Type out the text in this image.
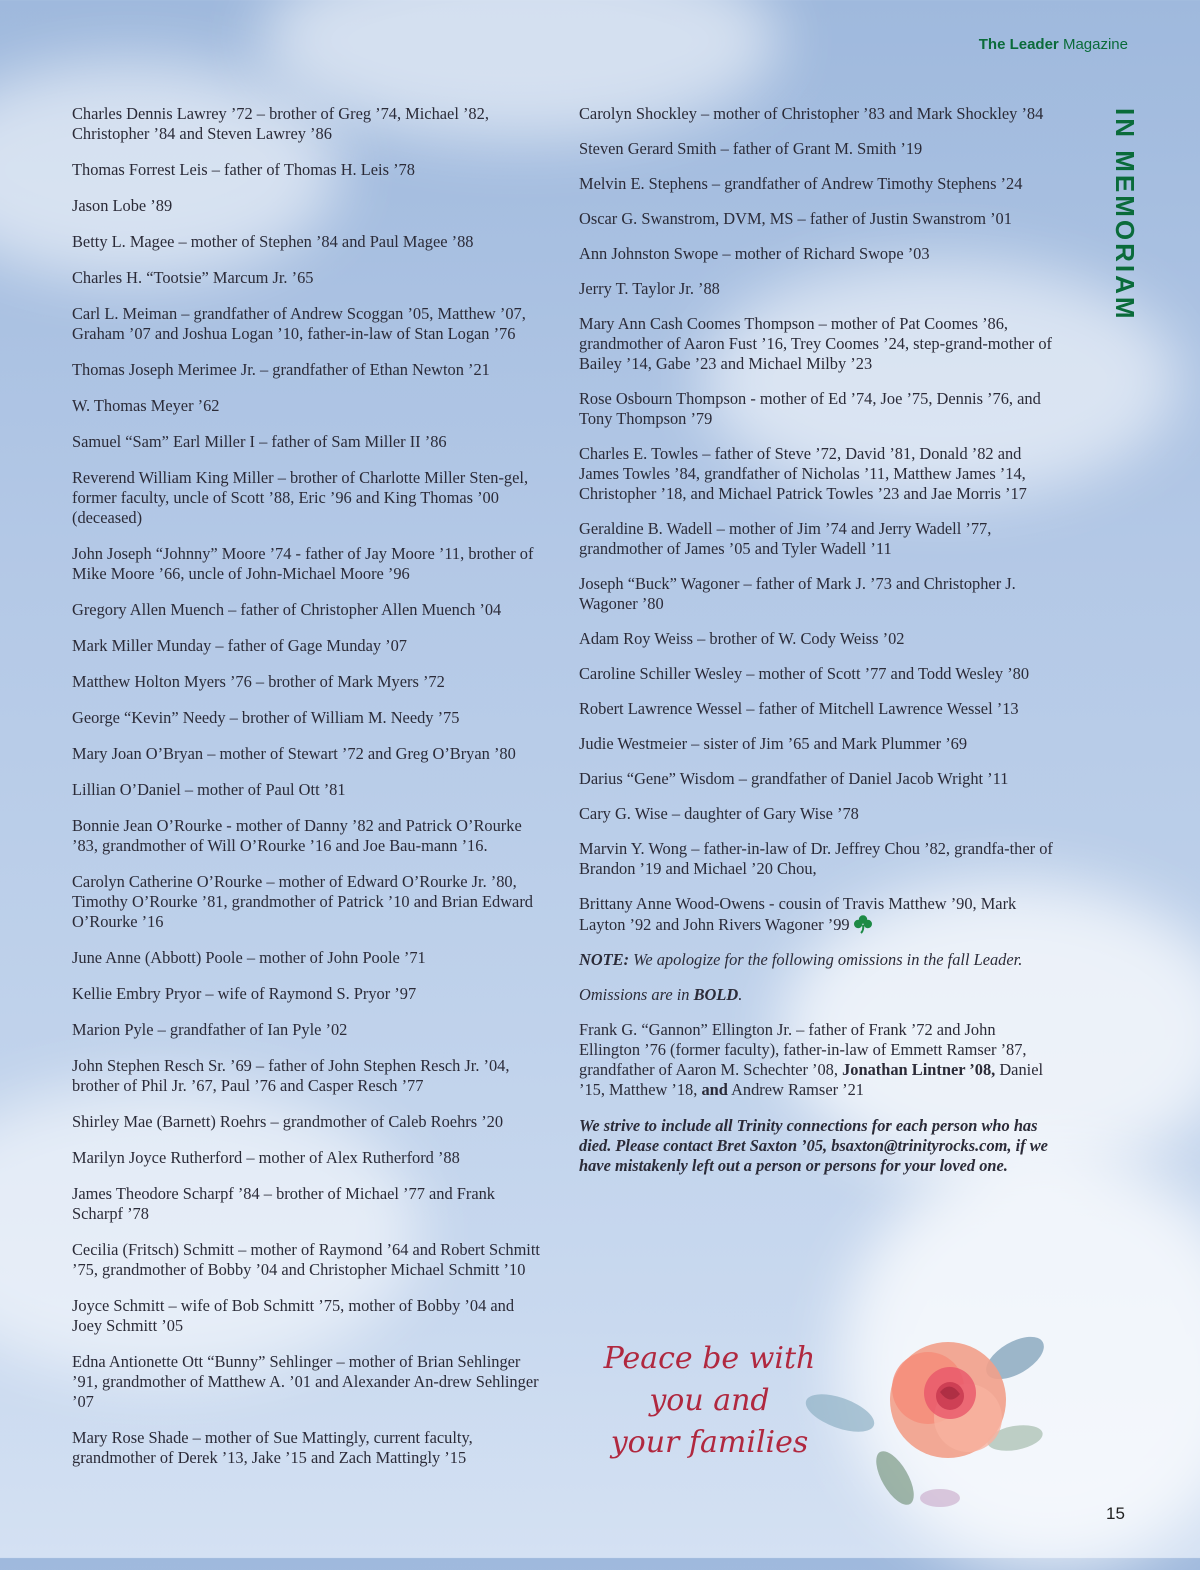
The Leader Magazine
IN MEMORIAM

Charles Dennis Lawrey ’72 – brother of Greg ’74, Michael ’82, Christopher ’84 and Steven Lawrey ’86

Thomas Forrest Leis – father of Thomas H. Leis ’78

Jason Lobe ’89

Betty L. Magee – mother of Stephen ’84 and Paul Magee ’88

Charles H. “Tootsie” Marcum Jr. ’65

Carl L. Meiman – grandfather of Andrew Scoggan ’05, Matthew ’07, Graham ’07 and Joshua Logan ’10, father-in-law of Stan Logan ’76

Thomas Joseph Merimee Jr. – grandfather of Ethan Newton ’21

W. Thomas Meyer ’62

Samuel “Sam” Earl Miller I – father of Sam Miller II ’86

Reverend William King Miller – brother of Charlotte Miller Sten-gel, former faculty, uncle of Scott ’88, Eric ’96 and King Thomas ’00 (deceased)

John Joseph “Johnny” Moore ’74 - father of Jay Moore ’11, brother of Mike Moore ’66, uncle of John-Michael Moore ’96

Gregory Allen Muench – father of Christopher Allen Muench ’04

Mark Miller Munday – father of Gage Munday ’07

Matthew Holton Myers ’76 – brother of Mark Myers ’72

George “Kevin” Needy – brother of William M. Needy ’75

Mary Joan O’Bryan – mother of Stewart ’72 and Greg O’Bryan ’80

Lillian O’Daniel – mother of Paul Ott ’81

Bonnie Jean O’Rourke - mother of Danny ’82 and Patrick O’Rourke ’83, grandmother of Will O’Rourke ’16 and Joe Bau-mann ’16.

Carolyn Catherine O’Rourke – mother of Edward O’Rourke Jr. ’80, Timothy O’Rourke ’81, grandmother of Patrick ’10 and Brian Edward O’Rourke ’16

June Anne (Abbott) Poole – mother of John Poole ’71

Kellie Embry Pryor – wife of Raymond S. Pryor ’97

Marion Pyle – grandfather of Ian Pyle ’02

John Stephen Resch Sr. ’69 – father of John Stephen Resch Jr. ’04, brother of Phil Jr. ’67, Paul ’76 and Casper Resch ’77

Shirley Mae (Barnett) Roehrs – grandmother of Caleb Roehrs ’20

Marilyn Joyce Rutherford – mother of Alex Rutherford ’88

James Theodore Scharpf ’84 – brother of Michael ’77 and Frank Scharpf ’78

Cecilia (Fritsch) Schmitt – mother of Raymond ’64 and Robert Schmitt ’75, grandmother of Bobby ’04 and Christopher Michael Schmitt ’10

Joyce Schmitt – wife of Bob Schmitt ’75, mother of Bobby ’04 and Joey Schmitt ’05

Edna Antionette Ott “Bunny” Sehlinger – mother of Brian Sehlinger ’91, grandmother of Matthew A. ’01 and Alexander An-drew Sehlinger ’07

Mary Rose Shade – mother of Sue Mattingly, current faculty, grandmother of Derek ’13, Jake ’15 and Zach Mattingly ’15

Carolyn Shockley – mother of Christopher ’83 and Mark Shockley ’84

Steven Gerard Smith – father of Grant M. Smith ’19

Melvin E. Stephens – grandfather of Andrew Timothy Stephens ’24

Oscar G. Swanstrom, DVM, MS – father of Justin Swanstrom ’01

Ann Johnston Swope – mother of Richard Swope ’03

Jerry T. Taylor Jr. ’88

Mary Ann Cash Coomes Thompson – mother of Pat Coomes ’86, grandmother of Aaron Fust ’16, Trey Coomes ’24, step-grand-mother of Bailey ’14, Gabe ’23 and Michael Milby ’23

Rose Osbourn Thompson - mother of Ed ’74, Joe ’75, Dennis ’76, and Tony Thompson ’79

Charles E. Towles – father of Steve ’72, David ’81, Donald ’82 and James Towles ’84, grandfather of Nicholas ’11, Matthew James ’14, Christopher ’18, and Michael Patrick Towles ’23 and Jae Morris ’17

Geraldine B. Wadell – mother of Jim ’74 and Jerry Wadell ’77, grandmother of James ’05 and Tyler Wadell ’11

Joseph “Buck” Wagoner – father of Mark J. ’73 and Christopher J. Wagoner ’80

Adam Roy Weiss – brother of W. Cody Weiss ’02

Caroline Schiller Wesley – mother of Scott ’77 and Todd Wesley ’80

Robert Lawrence Wessel – father of Mitchell Lawrence Wessel ’13

Judie Westmeier – sister of Jim ’65 and Mark Plummer ’69

Darius “Gene” Wisdom – grandfather of Daniel Jacob Wright ’11

Cary G. Wise – daughter of Gary Wise ’78

Marvin Y. Wong – father-in-law of Dr. Jeffrey Chou ’82, grandfa-ther of Brandon ’19 and Michael ’20 Chou,

Brittany Anne Wood-Owens - cousin of Travis Matthew ’90, Mark Layton ’92 and John Rivers Wagoner ’99

NOTE: We apologize for the following omissions in the fall Leader.

Omissions are in BOLD.

Frank G. “Gannon” Ellington Jr. – father of Frank ’72 and John Ellington ’76 (former faculty), father-in-law of Emmett Ramser ’87, grandfather of Aaron M. Schechter ’08, Jonathan Lintner ’08, Daniel ’15, Matthew ’18, and Andrew Ramser ’21

We strive to include all Trinity connections for each person who has died. Please contact Bret Saxton ’05, bsaxton@trinityrocks.com, if we have mistakenly left out a person or persons for your loved one.

Peace be with
you and
your families
15
